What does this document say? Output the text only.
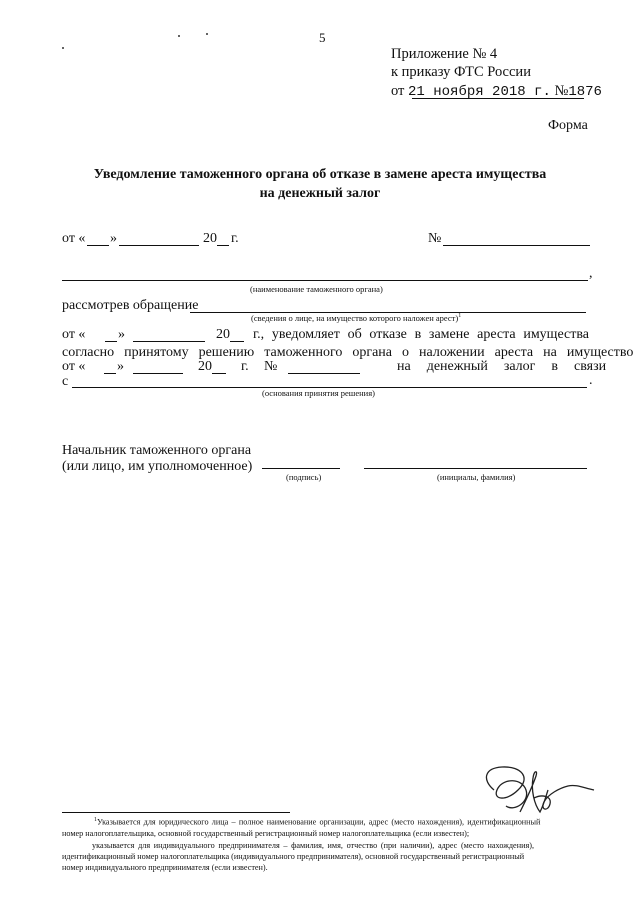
5
Приложение № 4
к приказу ФТС России
от 21 ноября 2018 г. №1876
Форма
Уведомление таможенного органа об отказе в замене ареста имущества
на денежный залог
от « »	20 г.	№
,
(наименование таможенного органа)
рассмотрев обращение
(сведения о лице, на имущество которого наложен арест)$^1$
от « »	20 г., уведомляет об отказе в замене ареста имущества
согласно принятому решению таможенного органа о наложении ареста на имущество
от « »	20 г. №	на денежный залог в связи
с	.
(основания принятия решения)
Начальник таможенного органа
(или лицо, им уполномоченное)
(подпись)	(инициалы, фамилия)
$^1$Указывается для юридического лица – полное наименование организации, адрес (место нахождения), идентификационный
номер налогоплательщика, основной государственный регистрационный номер налогоплательщика (если известен);
указывается для индивидуального предпринимателя – фамилия, имя, отчество (при наличии), адрес (место нахождения),
идентификационный номер налогоплательщика (индивидуального предпринимателя), основной государственный регистрационный
номер индивидуального предпринимателя (если известен).
